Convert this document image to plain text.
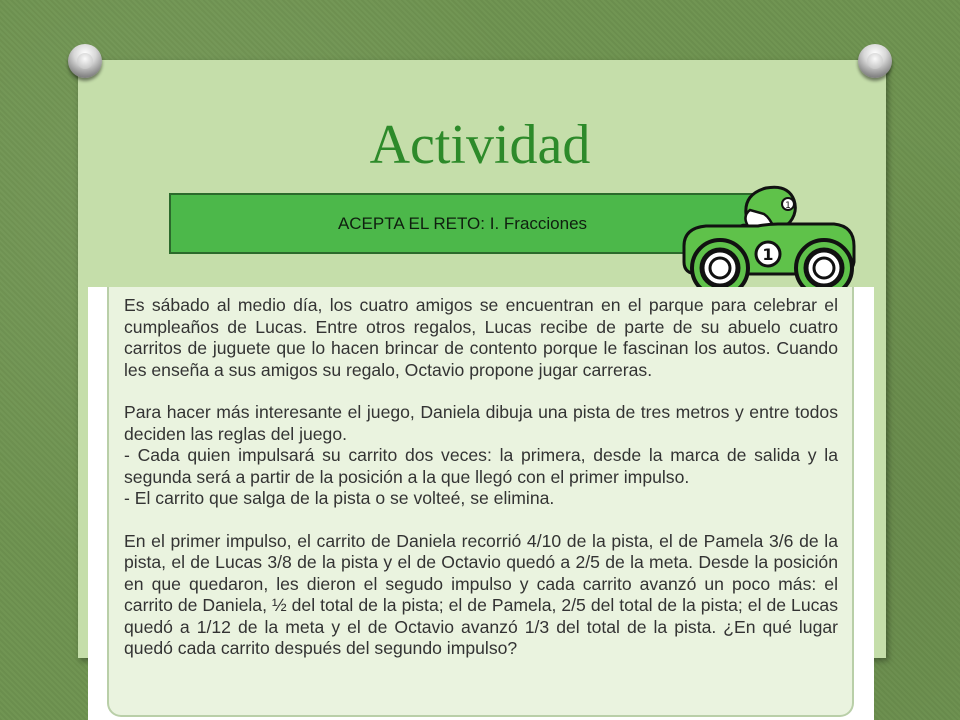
Actividad
ACEPTA EL RETO: I. Fracciones
1
1

Es sábado al medio día, los cuatro amigos se encuentran en el parque para celebrar el cumpleaños de Lucas. Entre otros regalos, Lucas recibe de parte de su abuelo cuatro carritos de juguete que lo hacen brincar de contento porque le fascinan los autos. Cuando les enseña a sus amigos su regalo, Octavio propone jugar carreras.

Para hacer más interesante el juego, Daniela dibuja una pista de tres metros y entre todos deciden las reglas del juego.

- Cada quien impulsará su carrito dos veces: la primera, desde la marca de salida y la segunda será a partir de la posición a la que llegó con el primer impulso.

- El carrito que salga de la pista o se volteé, se elimina.

En el primer impulso, el carrito de Daniela recorrió 4/10 de la pista, el de Pamela 3/6 de la pista, el de Lucas 3/8 de la pista y el de Octavio quedó a 2/5 de la meta. Desde la posición en que quedaron, les dieron el segudo impulso y cada carrito avanzó un poco más: el carrito de Daniela, ½ del total de la pista; el de Pamela, 2/5 del total de la pista; el de Lucas quedó a 1/12 de la meta y el de Octavio avanzó 1/3 del total de la pista. ¿En qué lugar quedó cada carrito después del segundo impulso?
